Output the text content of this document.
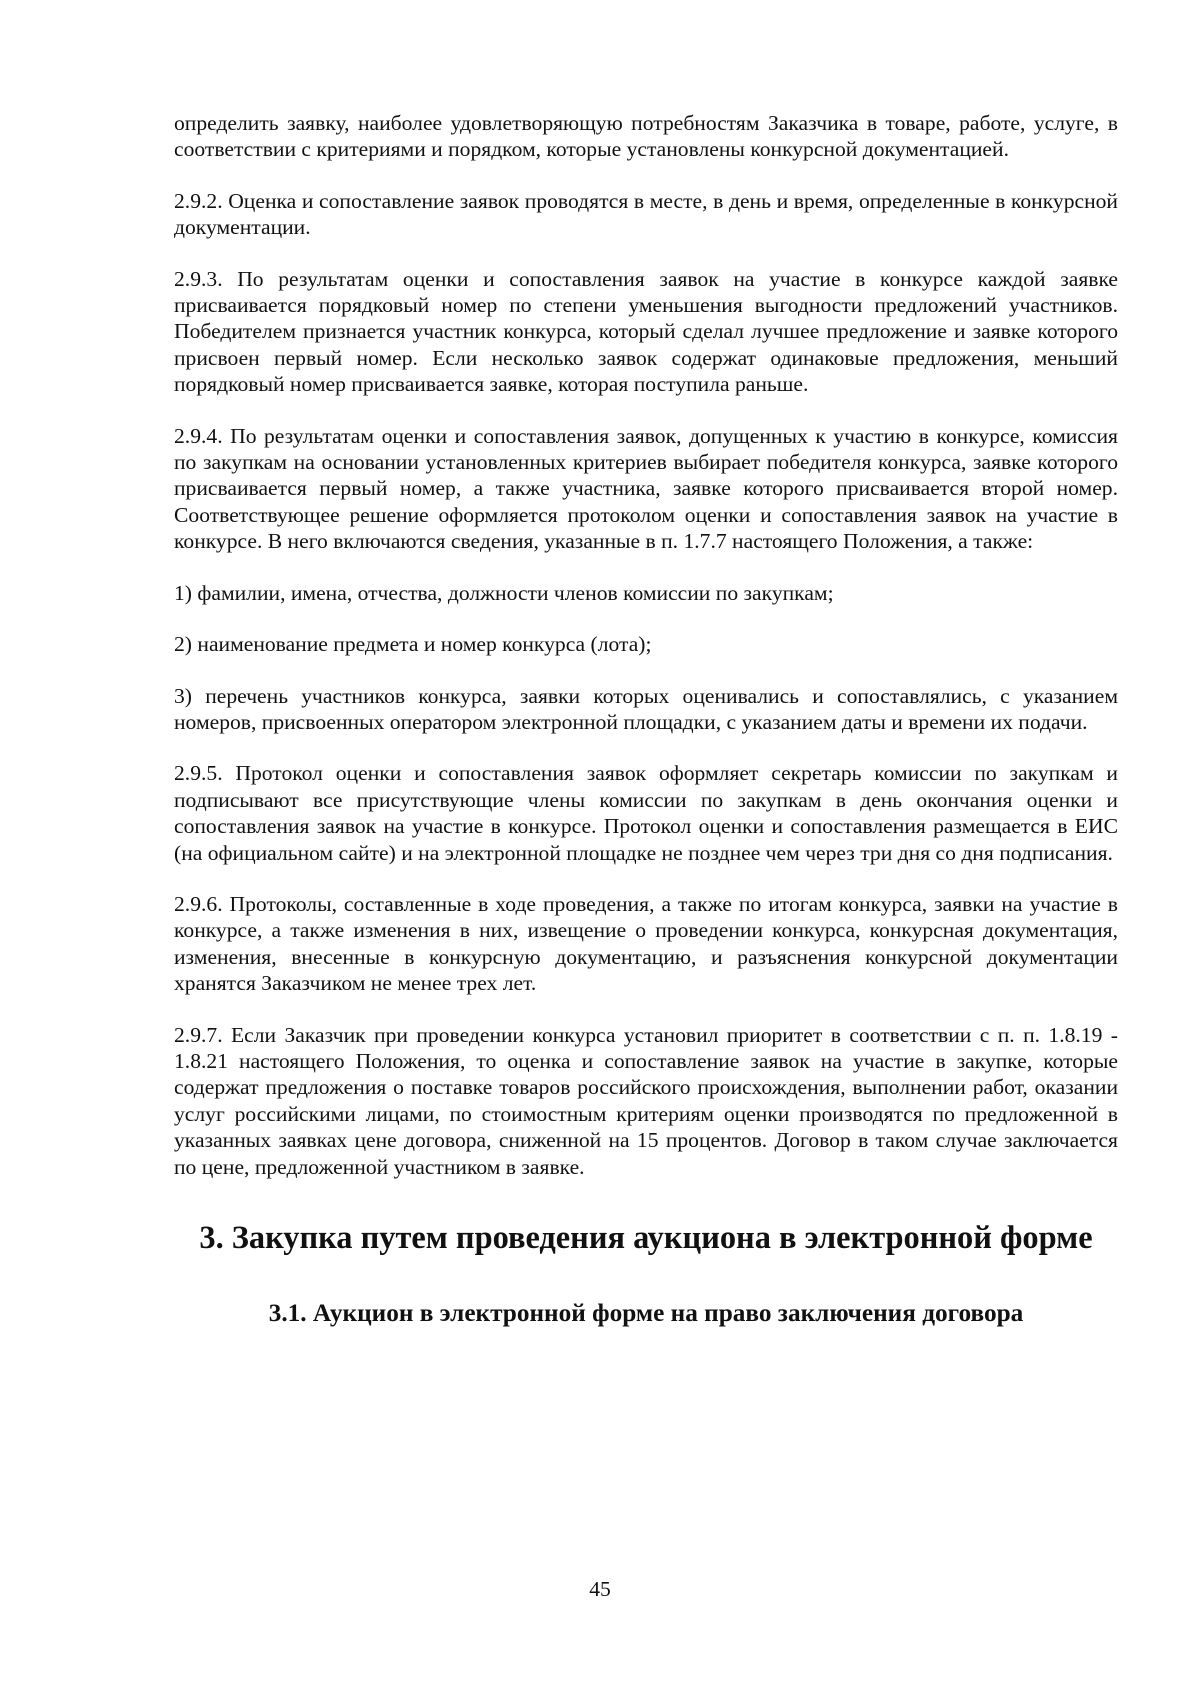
определить заявку, наиболее удовлетворяющую потребностям Заказчика в товаре, работе, услуге, в соответствии с критериями и порядком, которые установлены конкурсной документацией.

2.9.2. Оценка и сопоставление заявок проводятся в месте, в день и время, определенные в конкурсной документации.

2.9.3. По результатам оценки и сопоставления заявок на участие в конкурсе каждой заявке присваивается порядковый номер по степени уменьшения выгодности предложений участников. Победителем признается участник конкурса, который сделал лучшее предложение и заявке которого присвоен первый номер. Если несколько заявок содержат одинаковые предложения, меньший порядковый номер присваивается заявке, которая поступила раньше.

2.9.4. По результатам оценки и сопоставления заявок, допущенных к участию в конкурсе, комиссия по закупкам на основании установленных критериев выбирает победителя конкурса, заявке которого присваивается первый номер, а также участника, заявке которого присваивается второй номер. Соответствующее решение оформляется протоколом оценки и сопоставления заявок на участие в конкурсе. В него включаются сведения, указанные в п. 1.7.7 настоящего Положения, а также:

1) фамилии, имена, отчества, должности членов комиссии по закупкам;

2) наименование предмета и номер конкурса (лота);

3) перечень участников конкурса, заявки которых оценивались и сопоставлялись, с указанием номеров, присвоенных оператором электронной площадки, с указанием даты и времени их подачи.

2.9.5. Протокол оценки и сопоставления заявок оформляет секретарь комиссии по закупкам и подписывают все присутствующие члены комиссии по закупкам в день окончания оценки и сопоставления заявок на участие в конкурсе. Протокол оценки и сопоставления размещается в ЕИС (на официальном сайте) и на электронной площадке не позднее чем через три дня со дня подписания.

2.9.6. Протоколы, составленные в ходе проведения, а также по итогам конкурса, заявки на участие в конкурсе, а также изменения в них, извещение о проведении конкурса, конкурсная документация, изменения, внесенные в конкурсную документацию, и разъяснения конкурсной документации хранятся Заказчиком не менее трех лет.

2.9.7. Если Заказчик при проведении конкурса установил приоритет в соответствии с п. п. 1.8.19 - 1.8.21 настоящего Положения, то оценка и сопоставление заявок на участие в закупке, которые содержат предложения о поставке товаров российского происхождения, выполнении работ, оказании услуг российскими лицами, по стоимостным критериям оценки производятся по предложенной в указанных заявках цене договора, сниженной на 15 процентов. Договор в таком случае заключается по цене, предложенной участником в заявке.

3. Закупка путем проведения аукциона в электронной форме
3.1. Аукцион в электронной форме на право заключения договора
45
